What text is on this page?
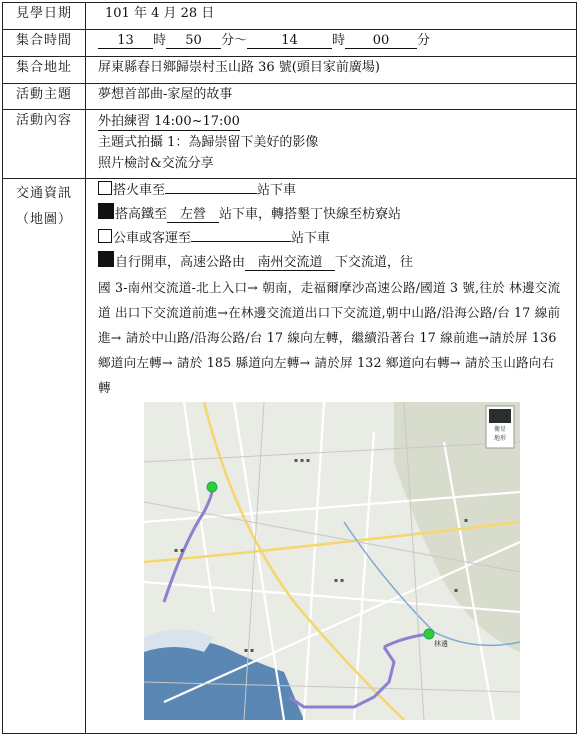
見學日期	101 年 4 月 28 日
集合時間	13 時 50 分～	14	時 00 分
集合地址	屏東縣春日鄉歸崇村玉山路 36 號(頭目家前廣場)
活動主題	夢想首部曲-家屋的故事
活動內容	外拍練習 14:00~17:00
主題式拍攝 1：為歸崇留下美好的影像
照片檢討&交流分享
交通資訊
（地圖）
搭火車至	站下車
搭高鐵至 左營 站下車，轉搭墾丁快線至枋寮站
公車或客運至	站下車
自行開車，高速公路由 南州交流道 下交流道，往
國 3-南州交流道-北上入口→ 朝南，走福爾摩沙高速公路/國道 3 號,往於 林邊交流道 出口下交流道前進→在林邊交流道出口下交流道,朝中山路/沿海公路/台 17 線前進→ 請於中山路/沿海公路/台 17 線向左轉，繼續沿著台 17 線前進→請於屏 136 鄉道向左轉→ 請於 185 縣道向左轉→ 請於屏 132 鄉道向右轉→ 請於玉山路向右轉
▪ ▪ ▪
▪ ▪
▪ ▪
▪
▪ ▪
▪
林邊
衛星
地形
